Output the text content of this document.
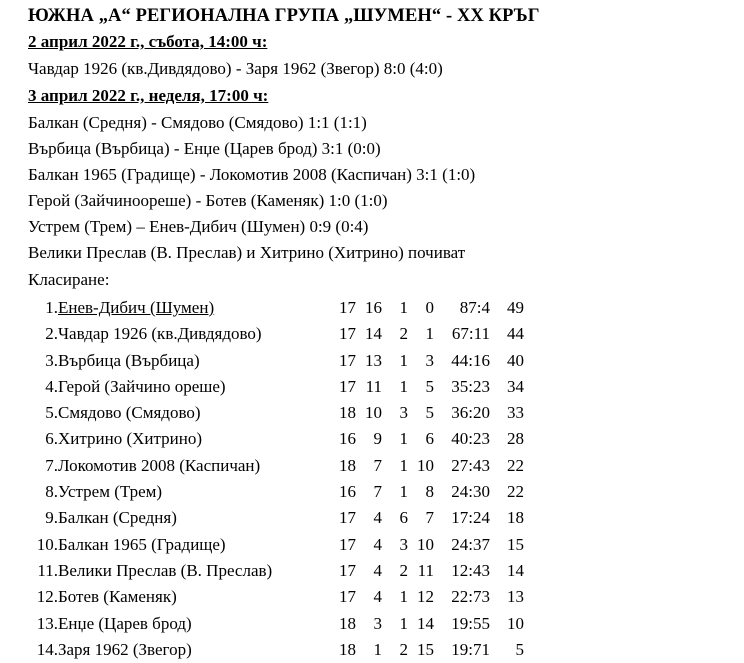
ЮЖНА „А“ РЕГИОНАЛНА ГРУПА „ШУМЕН“ - XX КРЪГ
2 април 2022 г., събота, 14:00 ч:
Чавдар 1926 (кв.Дивдядово) - Заря 1962 (Звегор) 8:0 (4:0)
3 април 2022 г., неделя, 17:00 ч:
Балкан (Средня) - Смядово (Смядово) 1:1 (1:1)
Върбица (Върбица) - Енџе (Царев брод) 3:1 (0:0)
Балкан 1965 (Градище) - Локомотив 2008 (Каспичан) 3:1 (1:0)
Герой (Зайчиноореше) - Ботев (Каменяк) 1:0 (1:0)
Устрем (Трем) – Енев-Дибич (Шумен) 0:9 (0:4)
Велики Преслав (В. Преслав) и Хитрино (Хитрино) почиват
Класиране:
1.	Енев-Дибич (Шумен)	17	16	1	0	87:4	49
2.	Чавдар 1926 (кв.Дивдядово)	17	14	2	1	67:11	44
3.	Върбица (Върбица)	17	13	1	3	44:16	40
4.	Герой (Зайчино ореше)	17	11	1	5	35:23	34
5.	Смядово (Смядово)	18	10	3	5	36:20	33
6.	Хитрино (Хитрино)	16	9	1	6	40:23	28
7.	Локомотив 2008 (Каспичан)	18	7	1	10	27:43	22
8.	Устрем (Трем)	16	7	1	8	24:30	22
9.	Балкан (Средня)	17	4	6	7	17:24	18
10.	Балкан 1965 (Градище)	17	4	3	10	24:37	15
11.	Велики Преслав (В. Преслав)	17	4	2	11	12:43	14
12.	Ботев (Каменяк)	17	4	1	12	22:73	13
13.	Енџе (Царев брод)	18	3	1	14	19:55	10
14.	Заря 1962 (Звегор)	18	1	2	15	19:71	5
